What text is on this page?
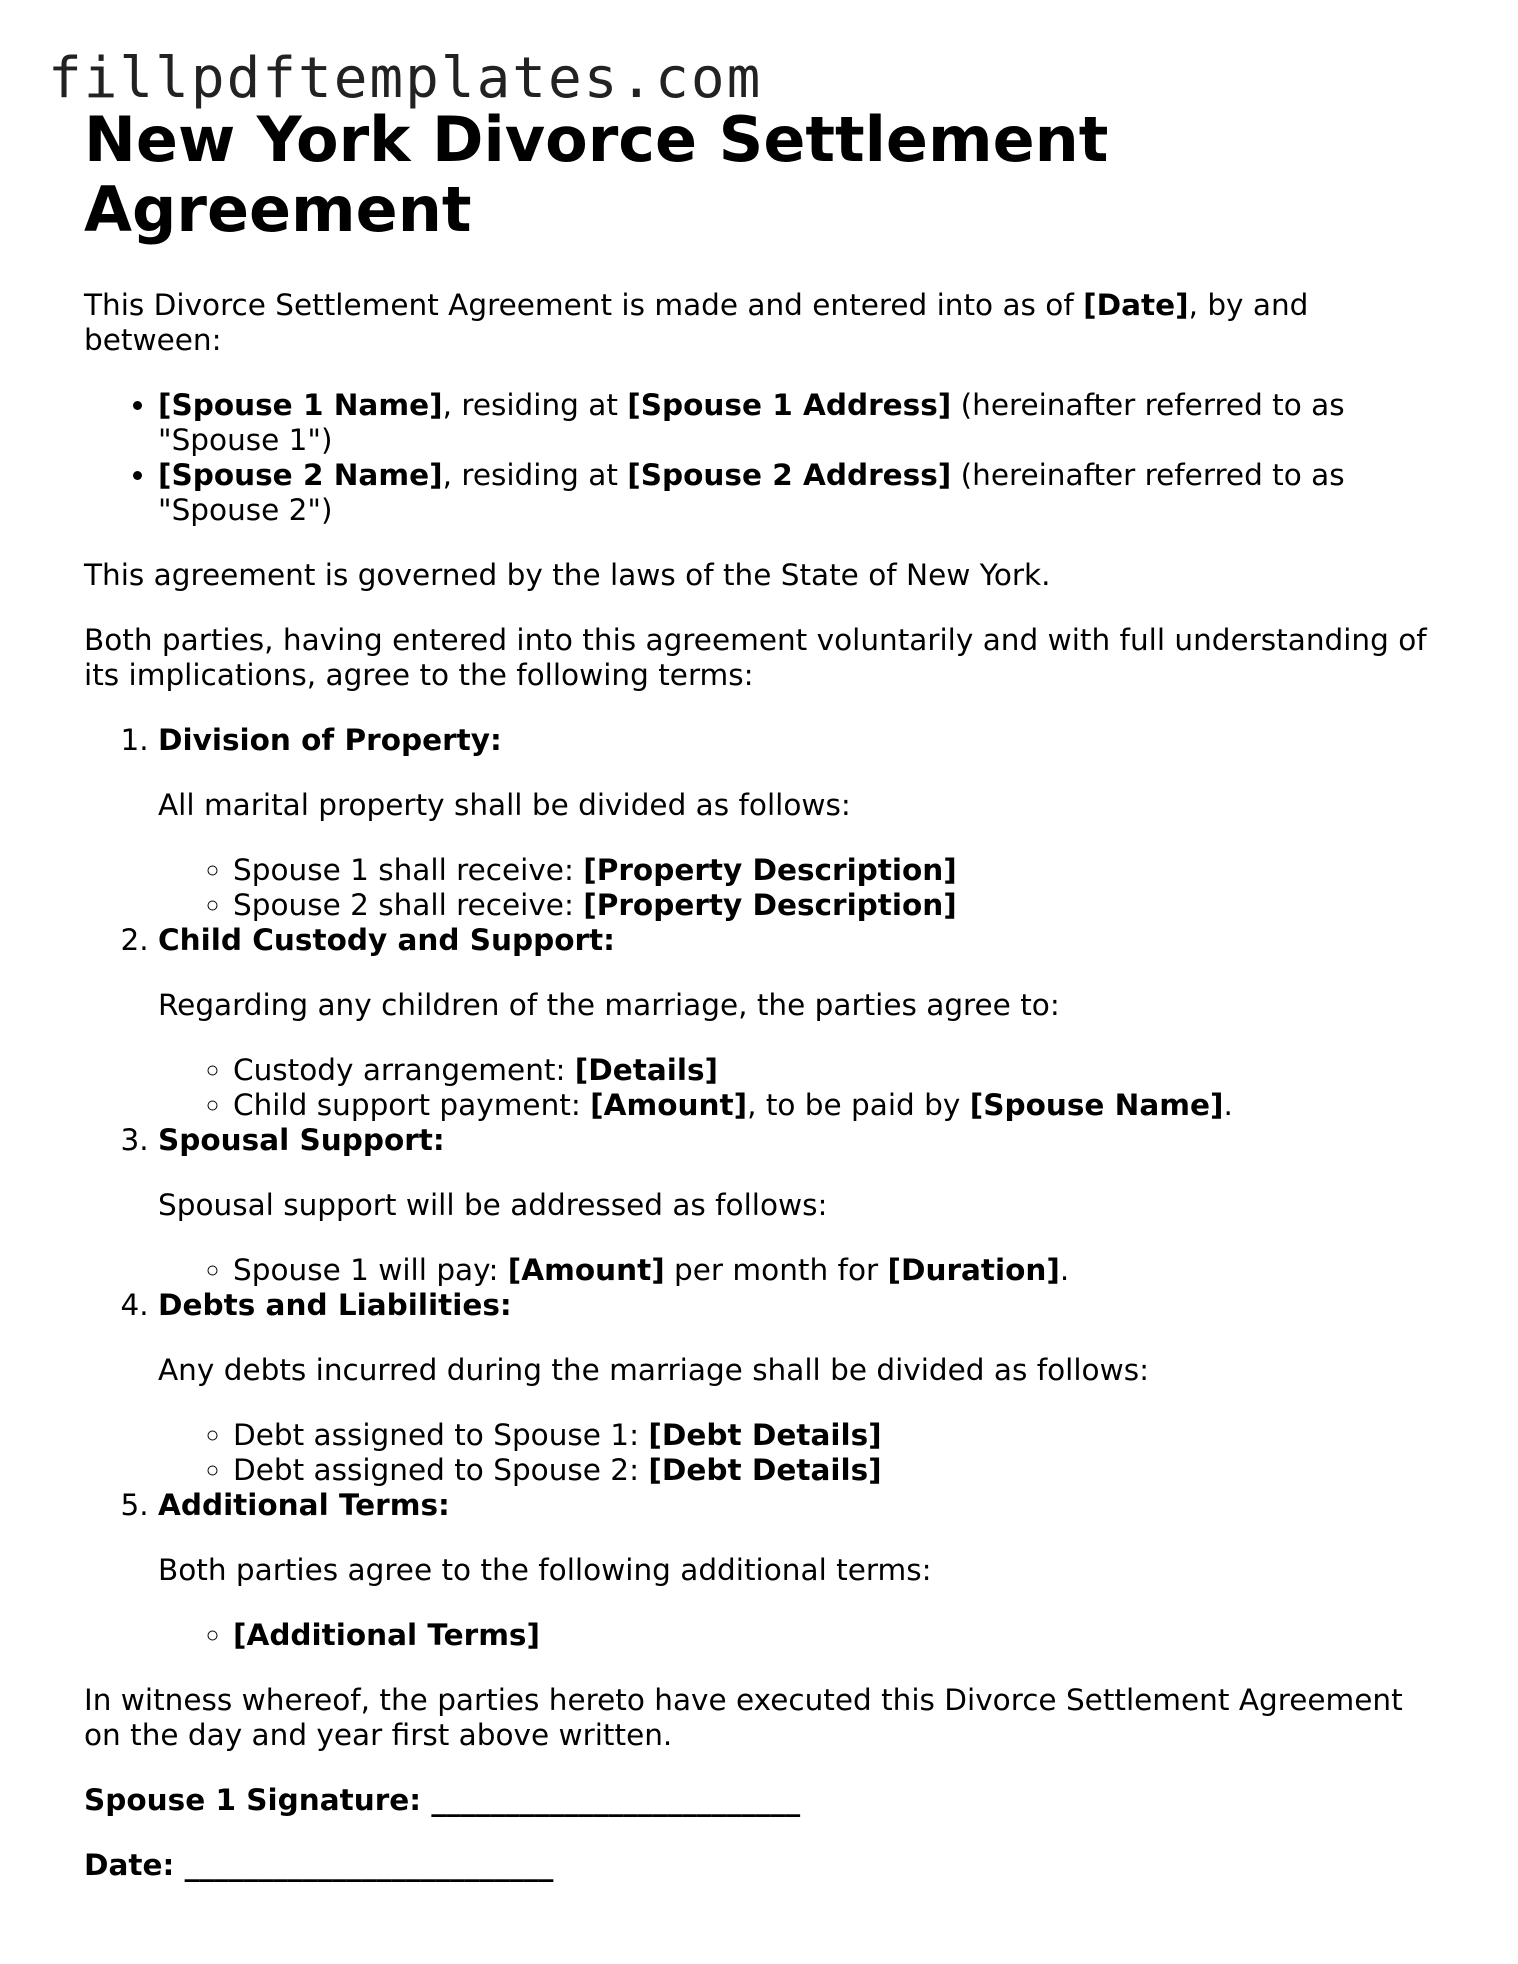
fillpdftemplates.com
New York Divorce Settlement Agreement

This Divorce Settlement Agreement is made and entered into as of [Date], by and between:

• [Spouse 1 Name], residing at [Spouse 1 Address] (hereinafter referred to as "Spouse 1")
• [Spouse 2 Name], residing at [Spouse 2 Address] (hereinafter referred to as "Spouse 2")

This agreement is governed by the laws of the State of New York.

Both parties, having entered into this agreement voluntarily and with full understanding of its implications, agree to the following terms:

1. Division of Property:

All marital property shall be divided as follows:

◦ Spouse 1 shall receive: [Property Description]
◦ Spouse 2 shall receive: [Property Description]
2. Child Custody and Support:

Regarding any children of the marriage, the parties agree to:

◦ Custody arrangement: [Details]
◦ Child support payment: [Amount], to be paid by [Spouse Name].
3. Spousal Support:

Spousal support will be addressed as follows:

◦ Spouse 1 will pay: [Amount] per month for [Duration].
4. Debts and Liabilities:

Any debts incurred during the marriage shall be divided as follows:

◦ Debt assigned to Spouse 1: [Debt Details]
◦ Debt assigned to Spouse 2: [Debt Details]
5. Additional Terms:

Both parties agree to the following additional terms:

◦ [Additional Terms]

In witness whereof, the parties hereto have executed this Divorce Settlement Agreement on the day and year first above written.

Spouse 1 Signature: _________________________

Date: _________________________
